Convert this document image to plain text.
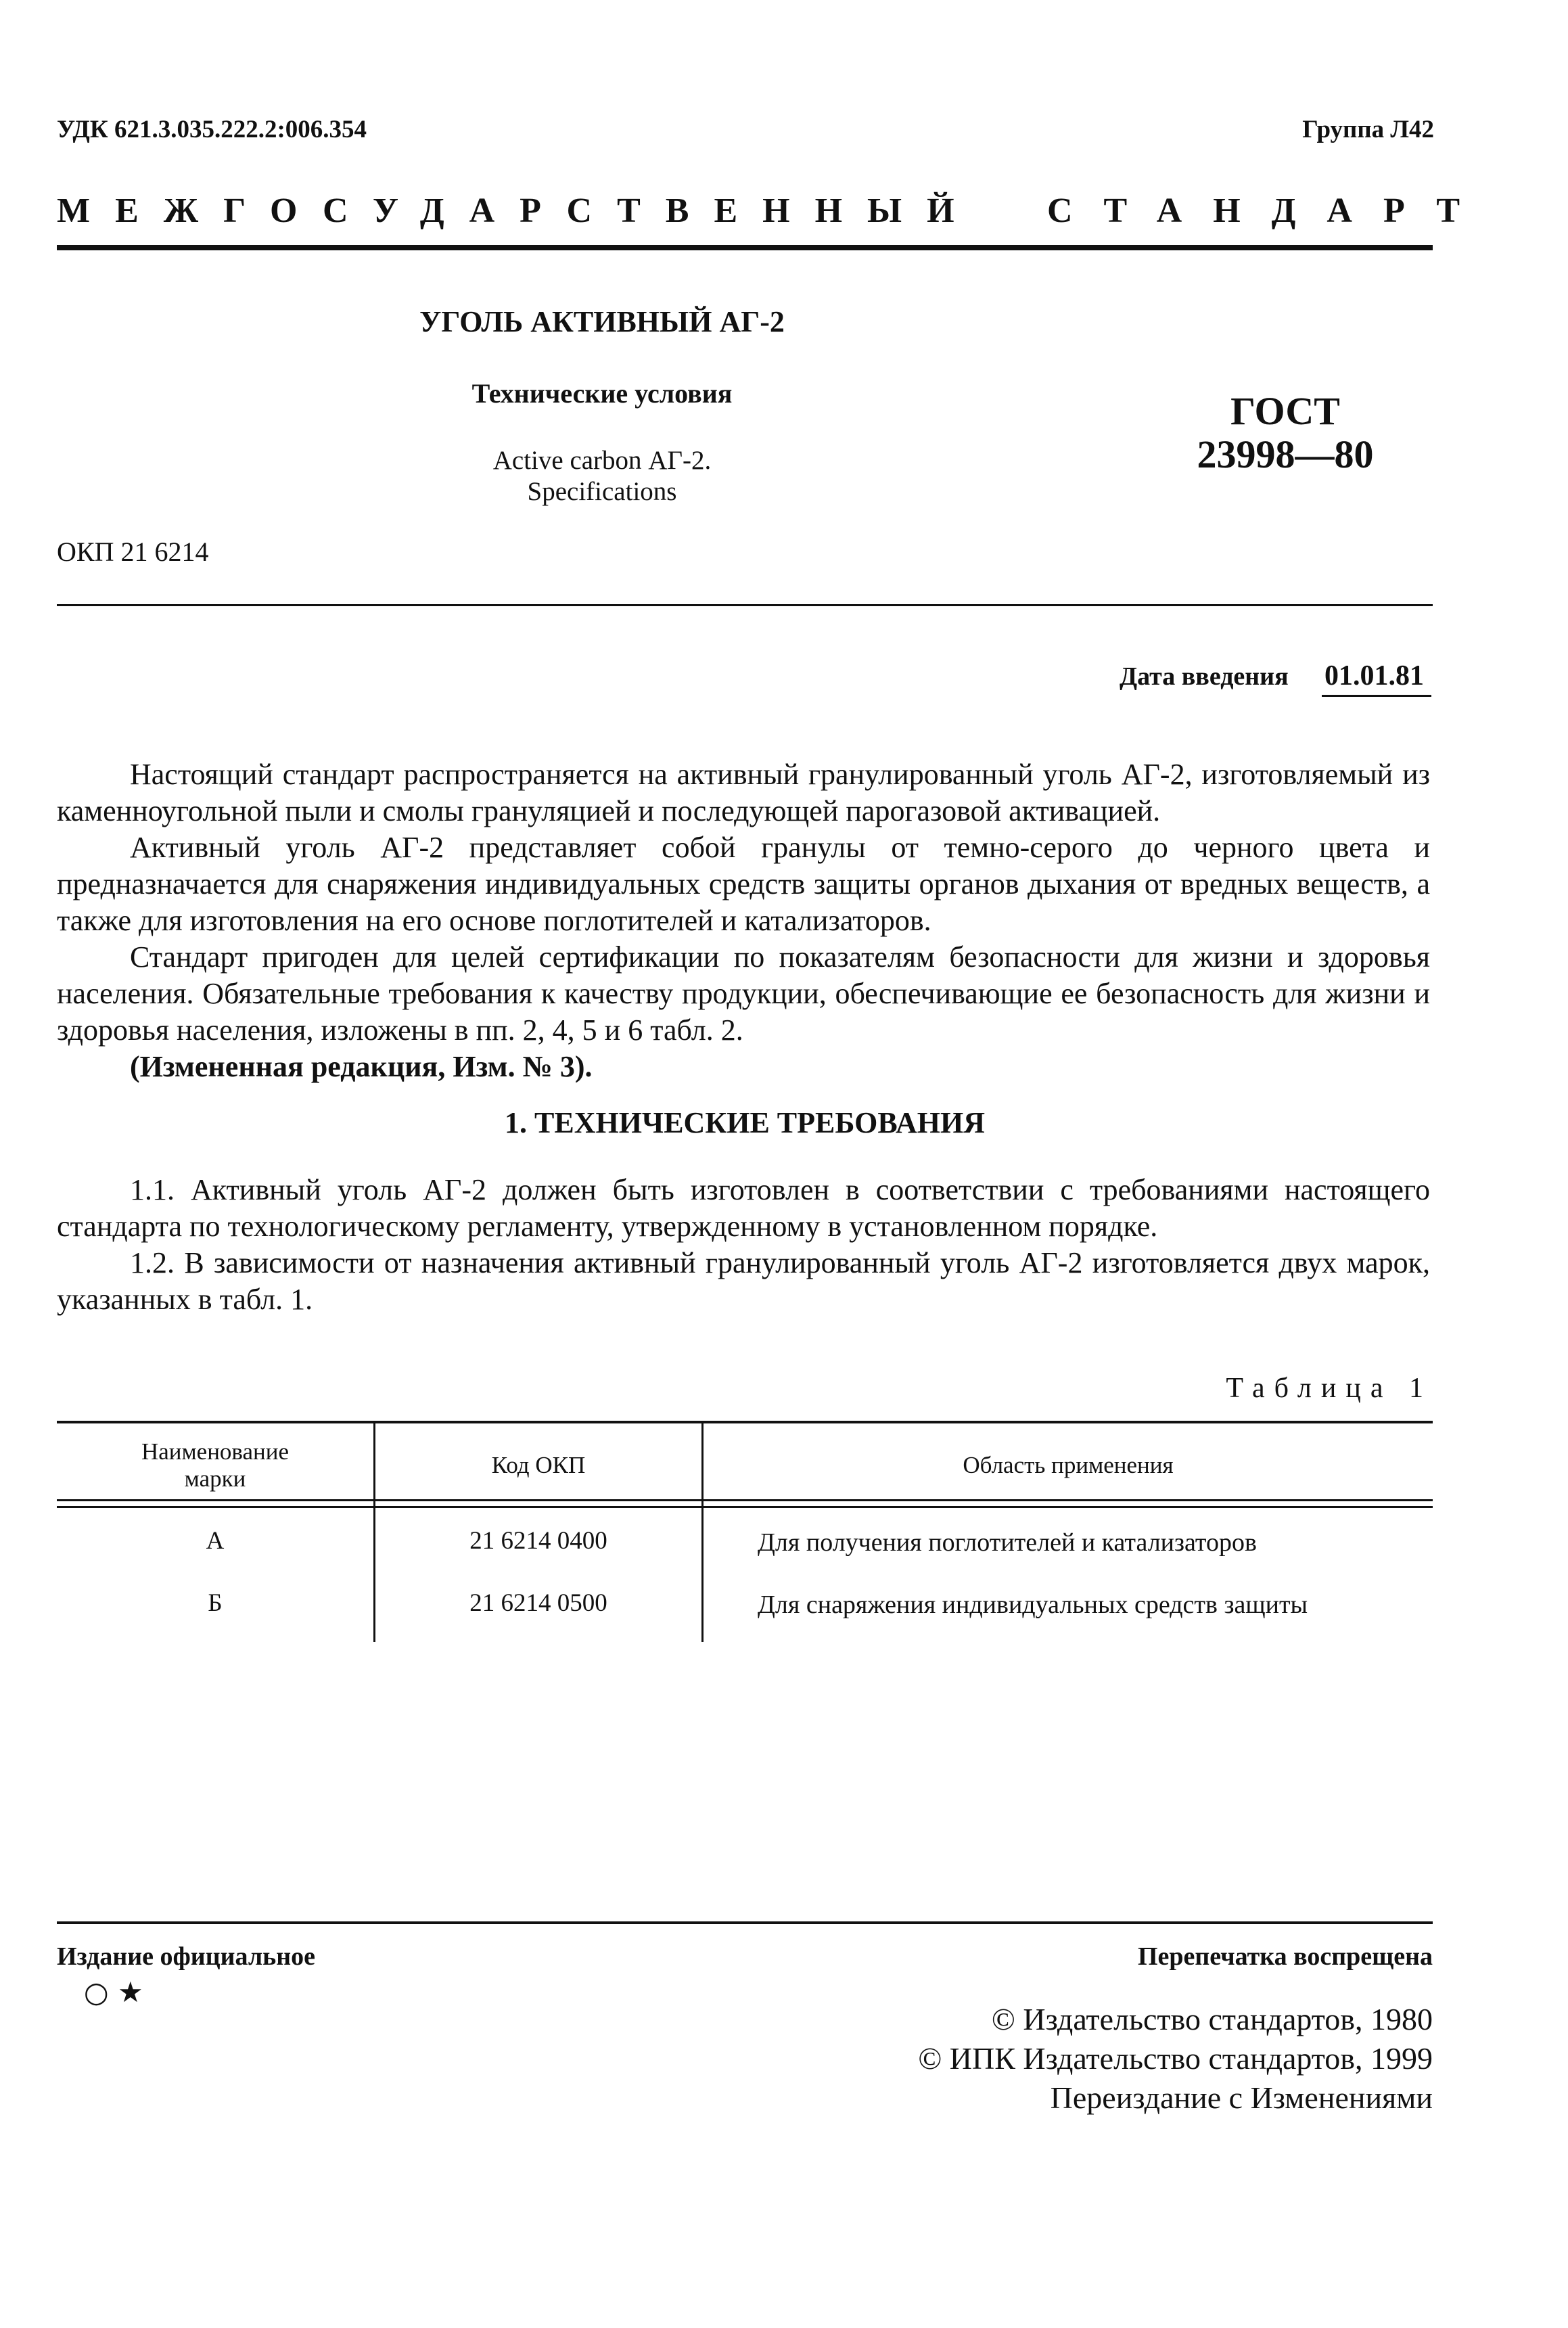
УДК 621.3.035.222.2:006.354	Группа Л42
МЕЖГОСУДАРСТВЕННЫЙ СТАНДАРТ
УГОЛЬ АКТИВНЫЙ АГ-2
Технические условия
Active carbon АГ-2.
Specifications
ГОСТ
23998—80
ОКП 21 6214
Дата введения 01.01.81
Настоящий стандарт распространяется на активный гранулированный уголь АГ-2, изготовляемый из каменноугольной пыли и смолы грануляцией и последующей парогазовой активацией.
Активный уголь АГ-2 представляет собой гранулы от темно-серого до черного цвета и предназначается для снаряжения индивидуальных средств защиты органов дыхания от вредных веществ, а также для изготовления на его основе поглотителей и катализаторов.
Стандарт пригоден для целей сертификации по показателям безопасности для жизни и здоровья населения. Обязательные требования к качеству продукции, обеспечивающие ее безопасность для жизни и здоровья населения, изложены в пп. 2, 4, 5 и 6 табл. 2.
(Измененная редакция, Изм. № 3).
1. ТЕХНИЧЕСКИЕ ТРЕБОВАНИЯ
1.1. Активный уголь АГ-2 должен быть изготовлен в соответствии с требованиями настоящего стандарта по технологическому регламенту, утвержденному в установленном порядке.
1.2. В зависимости от назначения активный гранулированный уголь АГ-2 изготовляется двух марок, указанных в табл. 1.
Таблица 1
Наименование
марки
Код ОКП	Область применения
А	21 6214 0400	Для получения поглотителей и катализаторов
Б	21 6214 0500	Для снаряжения индивидуальных средств защиты
Издание официальное	Перепечатка воспрещена
○ ★
© Издательство стандартов, 1980
© ИПК Издательство стандартов, 1999
Переиздание с Изменениями
